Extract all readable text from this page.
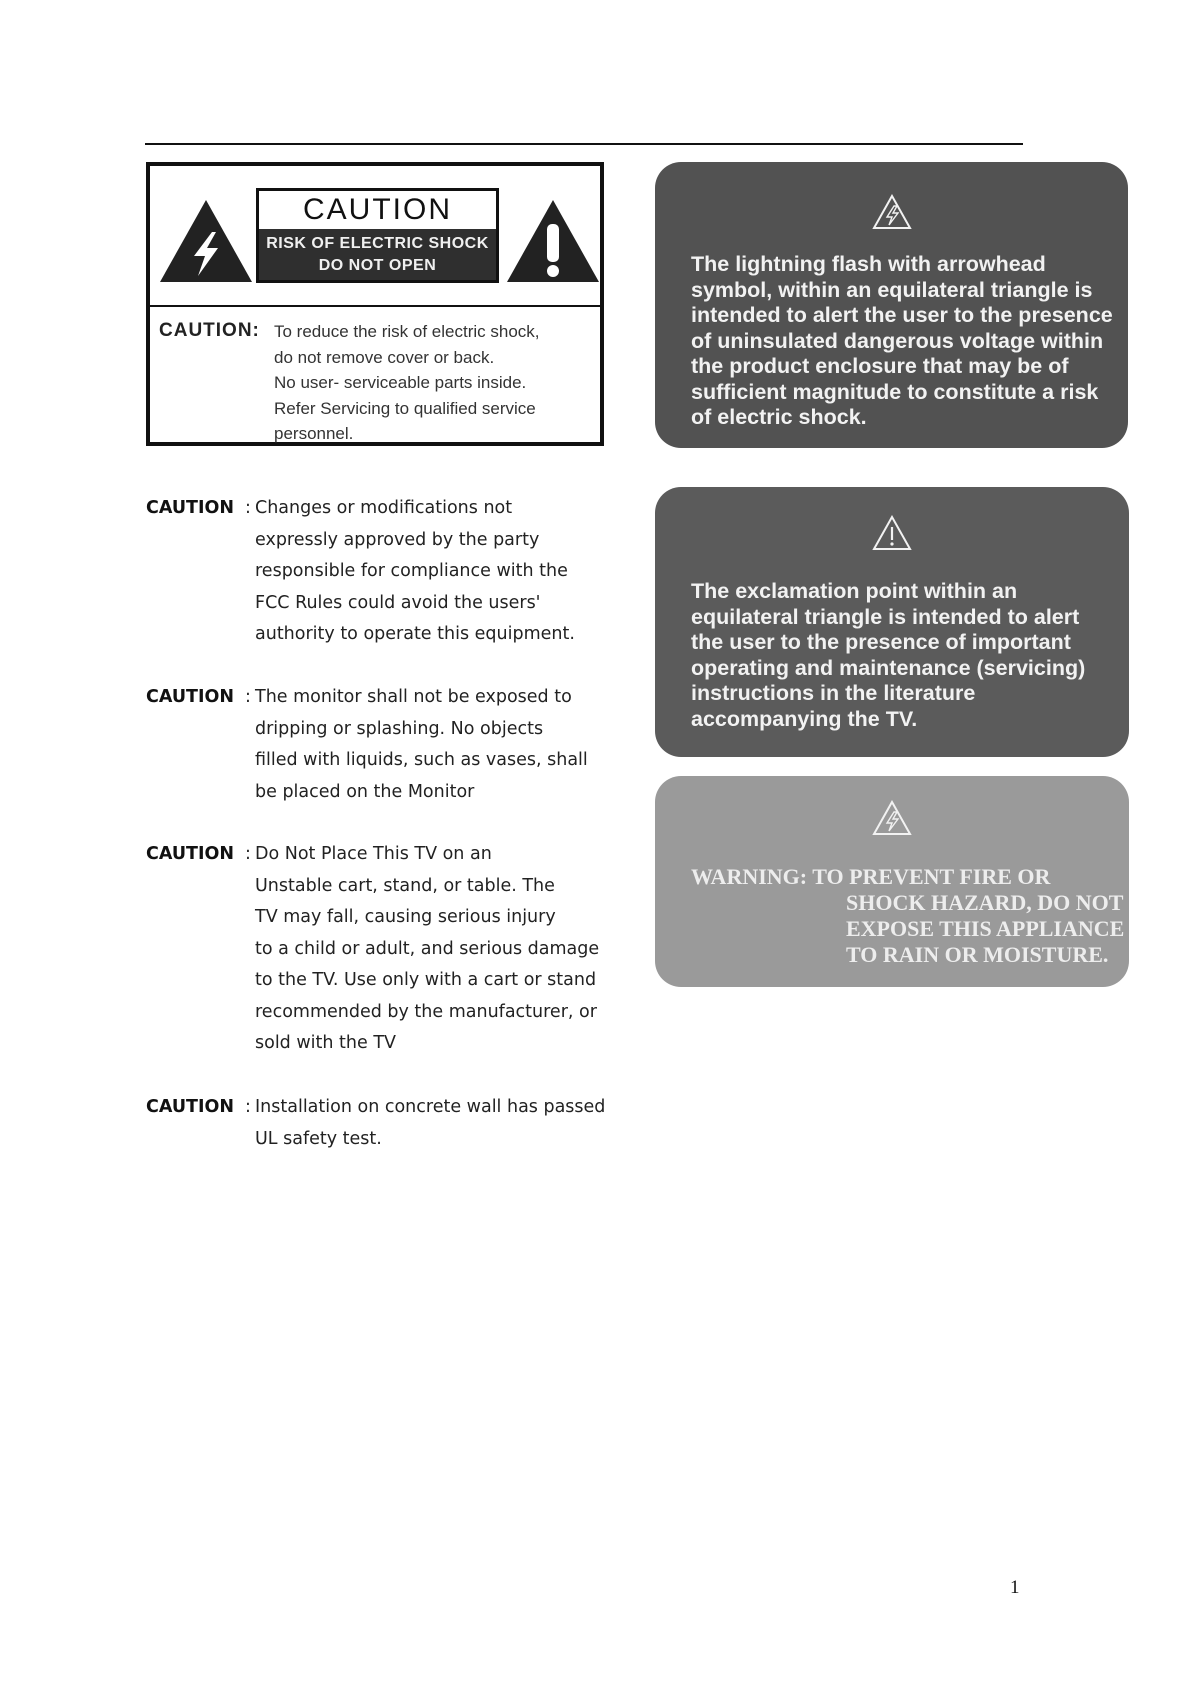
CAUTION
RISK OF ELECTRIC SHOCK
DO NOT OPEN
CAUTION: To reduce the risk of electric shock,
do not remove cover or back.
No user- serviceable parts inside.
Refer Servicing to qualified service
personnel.
The lightning flash with arrowhead symbol, within an equilateral triangle is intended to alert the user to the presence of uninsulated dangerous voltage within the product enclosure that may be of sufficient magnitude to constitute a risk of electric shock.
The exclamation point within an equilateral triangle is intended to alert the user to the presence of important operating and maintenance (servicing) instructions in the literature accompanying the TV.
WARNING: TO PREVENT FIRE OR
SHOCK HAZARD, DO NOT
EXPOSE THIS APPLIANCE
TO RAIN OR MOISTURE.
CAUTION : Changes or modifications not
expressly approved by the party
responsible for compliance with the
FCC Rules could avoid the users'
authority to operate this equipment.
CAUTION : The monitor shall not be exposed to
dripping or splashing. No objects
filled with liquids, such as vases, shall
be placed on the Monitor
CAUTION : Do Not Place This TV on an
Unstable cart, stand, or table. The
TV may fall, causing serious injury
to a child or adult, and serious damage
to the TV. Use only with a cart or stand
recommended by the manufacturer, or
sold with the TV
CAUTION : Installation on concrete wall has passed
UL safety test.
1
